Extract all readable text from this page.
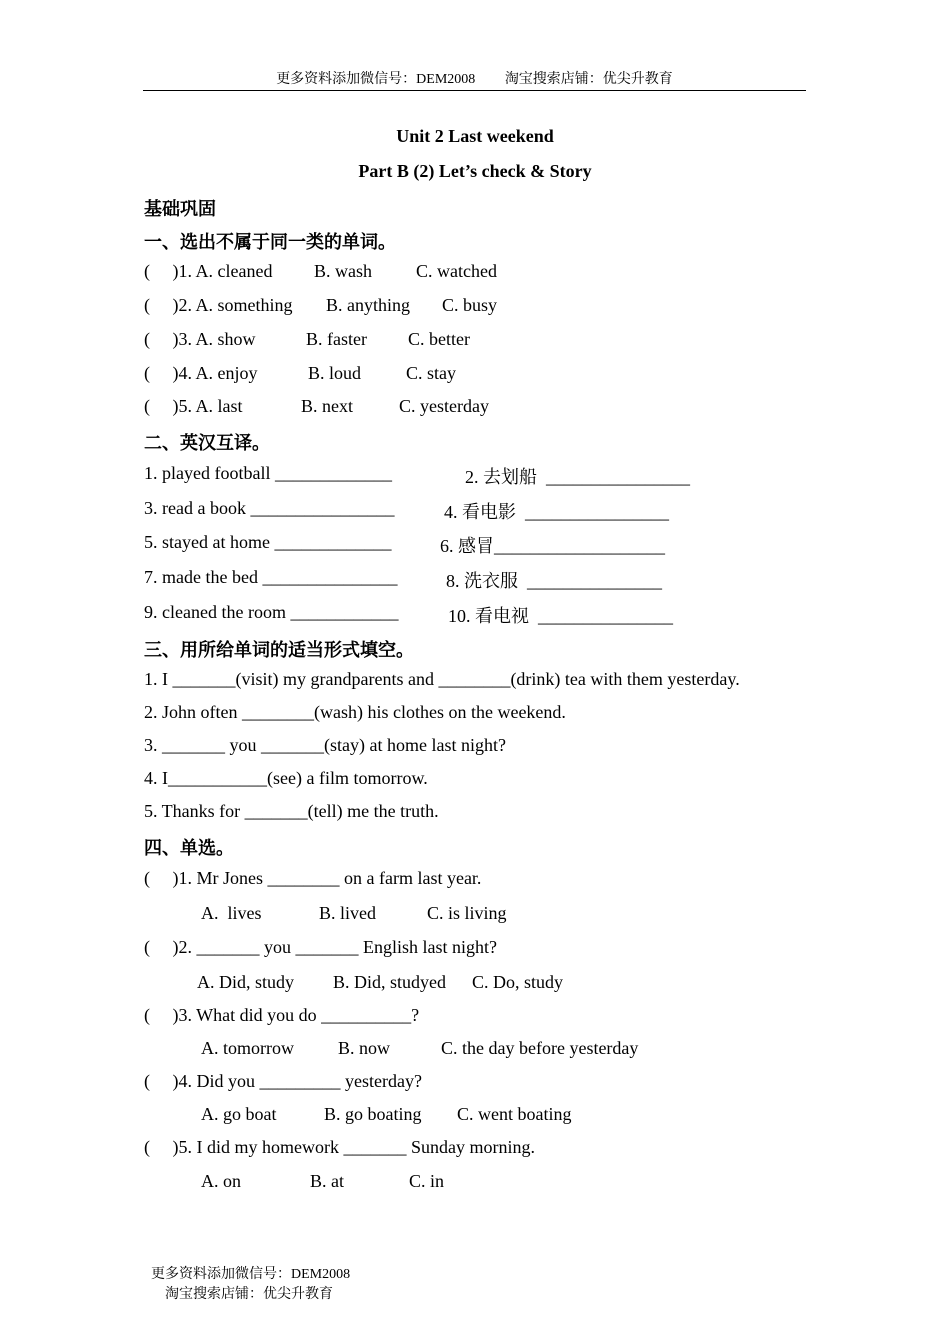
更多资料添加微信号：DEM2008 淘宝搜索店铺：优尖升教育
Unit 2 Last weekend
Part B (2) Let’s check & Story
基础巩固
一、选出不属于同一类的单词。
(     )1. A. cleaned B. wash C. watched
(     )2. A. something B. anything C. busy
(     )3. A. show	B. faster C. better
(     )4. A. enjoy	B. loud C. stay
(     )5. A. last	B. next	C. yesterday
二、英汉互译。
1. played football _____________	2. 去划船  ________________
3. read a book ________________	4. 看电影  ________________
5. stayed at home _____________	6. 感冒___________________
7. made the bed _______________	8. 洗衣服  _______________
9. cleaned the room ____________	10. 看电视  _______________
三、用所给单词的适当形式填空。
1. I _______(visit) my grandparents and ________(drink) tea with them yesterday.
2. John often ________(wash) his clothes on the weekend.
3. _______ you _______(stay) at home last night?
4. I___________(see) a film tomorrow.
5. Thanks for _______(tell) me the truth.
四、单选。
(     )1. Mr Jones ________ on a farm last year.
A.  lives	B. lived	C. is living
(     )2. _______ you _______ English last night?
A. Did, study B. Did, studyed C. Do, study
(     )3. What did you do __________?
A. tomorrow B. now	C. the day before yesterday
(     )4. Did you _________ yesterday?
A. go boat	B. go boating C. went boating
(     )5. I did my homework _______ Sunday morning.
A. on	B. at	C. in

更多资料添加微信号：DEM2008
淘宝搜索店铺：优尖升教育
